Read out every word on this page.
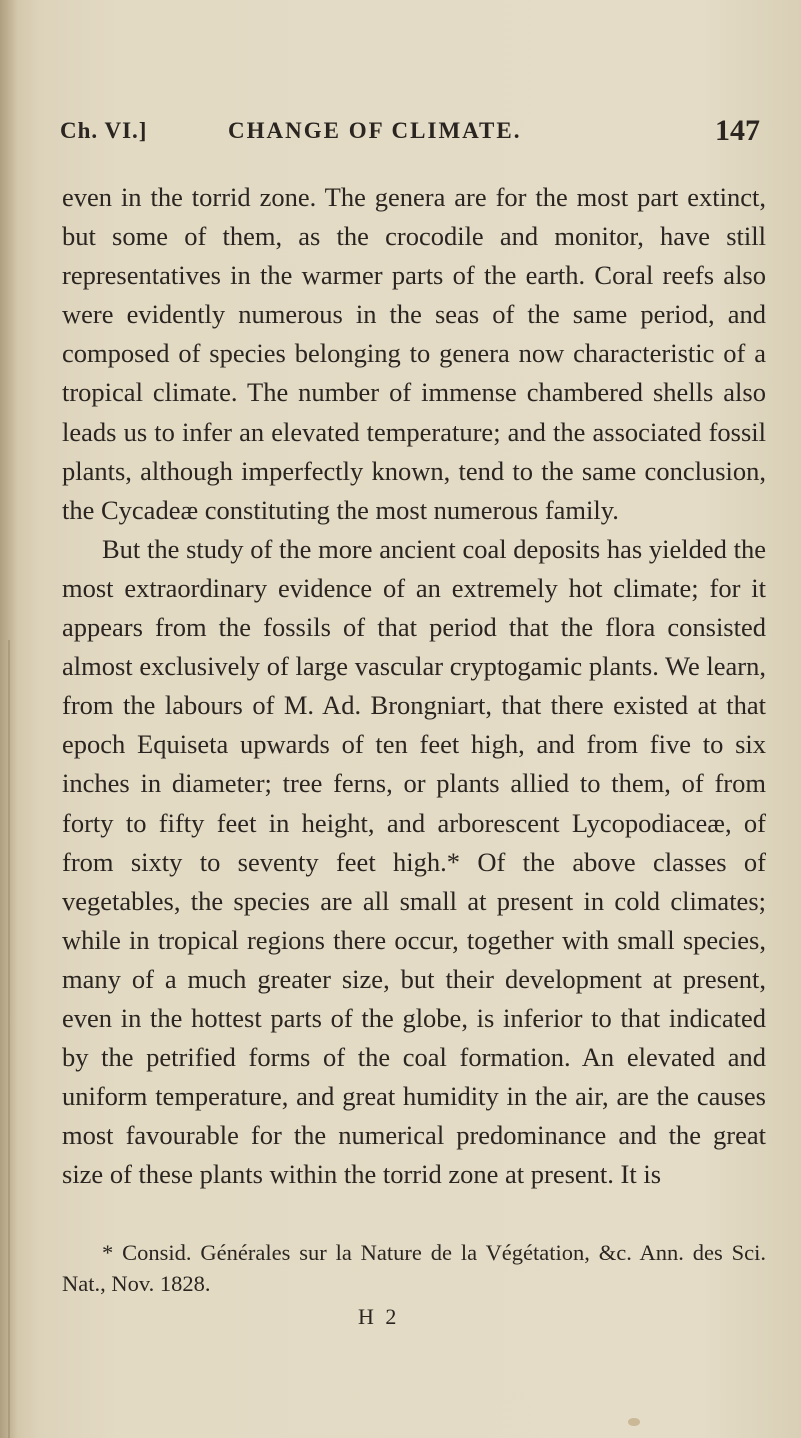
Ch. VI.]	CHANGE OF CLIMATE.	147

even in the torrid zone. The genera are for the most part extinct, but some of them, as the crocodile and monitor, have still representatives in the warmer parts of the earth. Coral reefs also were evidently numerous in the seas of the same period, and composed of species belonging to genera now characteristic of a tropical climate. The number of immense chambered shells also leads us to infer an elevated temperature; and the associated fossil plants, although imperfectly known, tend to the same conclusion, the Cycadeæ constituting the most numerous family.

But the study of the more ancient coal deposits has yielded the most extraordinary evidence of an extremely hot climate; for it appears from the fossils of that period that the flora consisted almost exclusively of large vascular cryptogamic plants. We learn, from the labours of M. Ad. Brongniart, that there existed at that epoch Equiseta upwards of ten feet high, and from five to six inches in diameter; tree ferns, or plants allied to them, of from forty to fifty feet in height, and arborescent Lycopodiaceæ, of from sixty to seventy feet high.* Of the above classes of vegetables, the species are all small at present in cold climates; while in tropical regions there occur, together with small species, many of a much greater size, but their development at present, even in the hottest parts of the globe, is inferior to that indicated by the petrified forms of the coal formation. An elevated and uniform temperature, and great humidity in the air, are the causes most favourable for the numerical predominance and the great size of these plants within the torrid zone at present. It is

* Consid. Générales sur la Nature de la Végétation, &c. Ann. des Sci. Nat., Nov. 1828.
H 2
